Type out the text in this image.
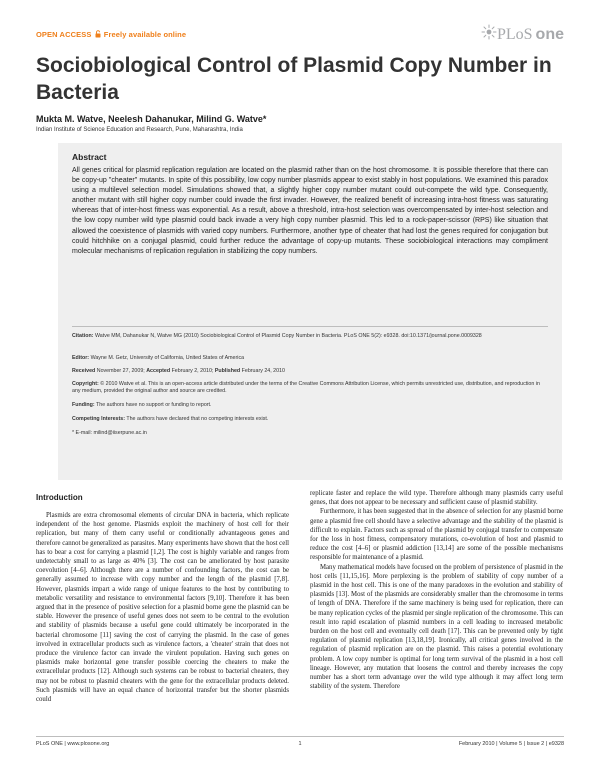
OPEN ACCESS Freely available online	PLoS one
Sociobiological Control of Plasmid Copy Number in Bacteria
Mukta M. Watve, Neelesh Dahanukar, Milind G. Watve*
Indian Institute of Science Education and Research, Pune, Maharashtra, India
Abstract
All genes critical for plasmid replication regulation are located on the plasmid rather than on the host chromosome. It is possible therefore that there can be copy-up "cheater" mutants. In spite of this possibility, low copy number plasmids appear to exist stably in host populations. We examined this paradox using a multilevel selection model. Simulations showed that, a slightly higher copy number mutant could out-compete the wild type. Consequently, another mutant with still higher copy number could invade the first invader. However, the realized benefit of increasing intra-host fitness was saturating whereas that of inter-host fitness was exponential. As a result, above a threshold, intra-host selection was overcompensated by inter-host selection and the low copy number wild type plasmid could back invade a very high copy number plasmid. This led to a rock-paper-scissor (RPS) like situation that allowed the coexistence of plasmids with varied copy numbers. Furthermore, another type of cheater that had lost the genes required for conjugation but could hitchhike on a conjugal plasmid, could further reduce the advantage of copy-up mutants. These sociobiological interactions may compliment molecular mechanisms of replication regulation in stabilizing the copy numbers.
Citation: Watve MM, Dahanukar N, Watve MG (2010) Sociobiological Control of Plasmid Copy Number in Bacteria. PLoS ONE 5(2): e9328. doi:10.1371/journal.pone.0009328
Editor: Wayne M. Getz, University of California, United States of America
Received November 27, 2009; Accepted February 2, 2010; Published February 24, 2010
Copyright: © 2010 Watve et al. This is an open-access article distributed under the terms of the Creative Commons Attribution License, which permits unrestricted use, distribution, and reproduction in any medium, provided the original author and source are credited.
Funding: The authors have no support or funding to report.
Competing Interests: The authors have declared that no competing interests exist.
* E-mail: milind@iiserpune.ac.in
Introduction

Plasmids are extra chromosomal elements of circular DNA in bacteria, which replicate independent of the host genome. Plasmids exploit the machinery of host cell for their replication, but many of them carry useful or conditionally advantageous genes and therefore cannot be generalized as parasites. Many experiments have shown that the host cell has to bear a cost for carrying a plasmid [1,2]. The cost is highly variable and ranges from undetectably small to as large as 40% [3]. The cost can be ameliorated by host parasite coevolution [4–6]. Although there are a number of confounding factors, the cost can be generally assumed to increase with copy number and the length of the plasmid [7,8]. However, plasmids impart a wide range of unique features to the host by contributing to metabolic versatility and resistance to environmental factors [9,10]. Therefore it has been argued that in the presence of positive selection for a plasmid borne gene the plasmid can be stable. However the presence of useful genes does not seem to be central to the evolution and stability of plasmids because a useful gene could ultimately be incorporated in the bacterial chromosome [11] saving the cost of carrying the plasmid. In the case of genes involved in extracellular products such as virulence factors, a 'cheater' strain that does not produce the virulence factor can invade the virulent population. Having such genes on plasmids make horizontal gene transfer possible coercing the cheaters to make the extracellular products [12]. Although such systems can be robust to bacterial cheaters, they may not be robust to plasmid cheaters with the gene for the extracellular products deleted. Such plasmids will have an equal chance of horizontal transfer but the shorter plasmids could

replicate faster and replace the wild type. Therefore although many plasmids carry useful genes, that does not appear to be necessary and sufficient cause of plasmid stability.

Furthermore, it has been suggested that in the absence of selection for any plasmid borne gene a plasmid free cell should have a selective advantage and the stability of the plasmid is difficult to explain. Factors such as spread of the plasmid by conjugal transfer to compensate for the loss in host fitness, compensatory mutations, co-evolution of host and plasmid to reduce the cost [4–6] or plasmid addiction [13,14] are some of the possible mechanisms responsible for maintenance of a plasmid.

Many mathematical models have focused on the problem of persistence of plasmid in the host cells [11,15,16]. More perplexing is the problem of stability of copy number of a plasmid in the host cell. This is one of the many paradoxes in the evolution and stability of plasmids [13]. Most of the plasmids are considerably smaller than the chromosome in terms of length of DNA. Therefore if the same machinery is being used for replication, there can be many replication cycles of the plasmid per single replication of the chromosome. This can result into rapid escalation of plasmid numbers in a cell leading to increased metabolic burden on the host cell and eventually cell death [17]. This can be prevented only by tight regulation of plasmid replication [13,18,19]. Ironically, all critical genes involved in the regulation of plasmid replication are on the plasmid. This raises a potential evolutionary problem. A low copy number is optimal for long term survival of the plasmid in a host cell lineage. However, any mutation that loosens the control and thereby increases the copy number has a short term advantage over the wild type although it may affect long term stability of the system. Therefore

PLoS ONE | www.plosone.org	1	February 2010 | Volume 5 | Issue 2 | e9328
